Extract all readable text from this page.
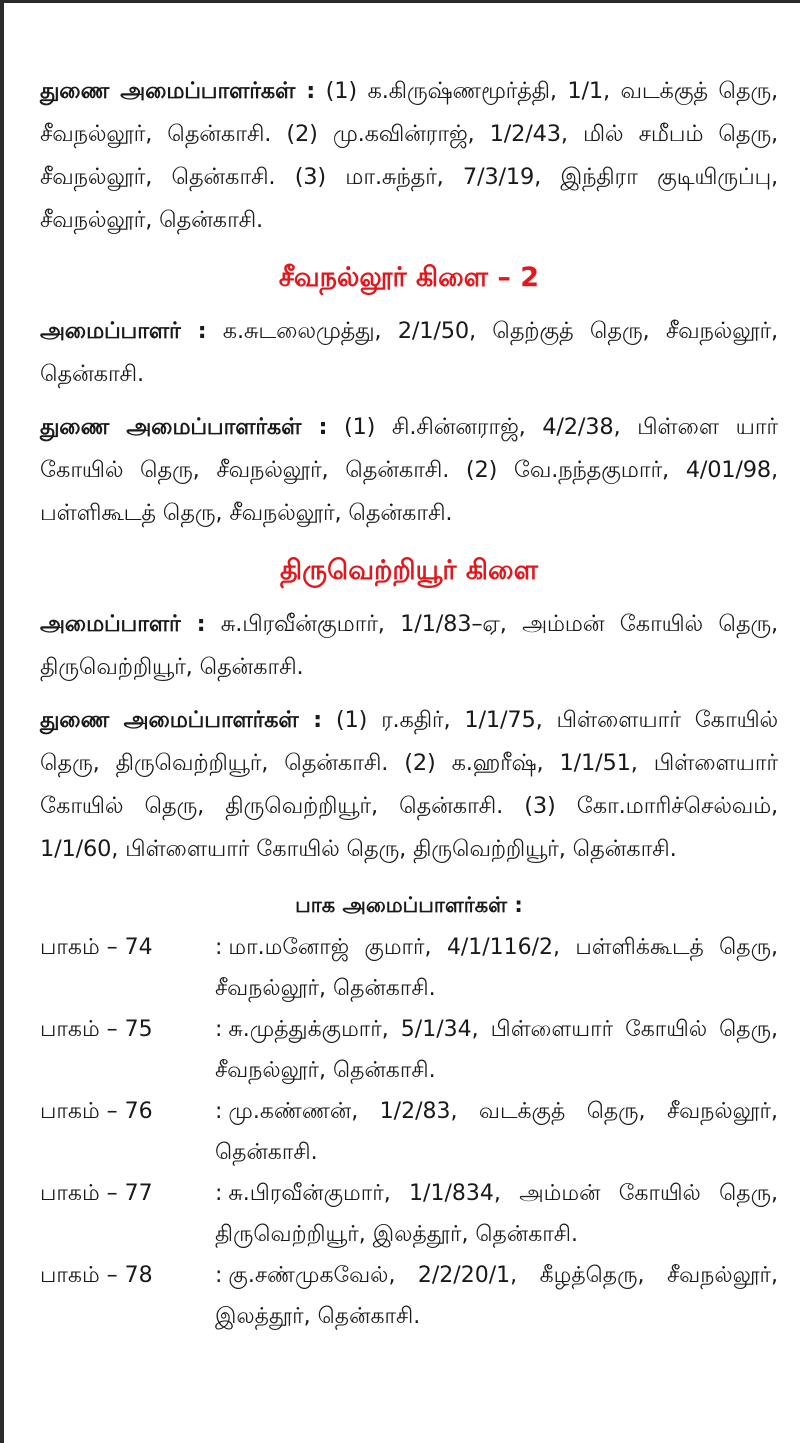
துணை அமைப்பாளர்கள் : (1) க.கிருஷ்ணமூர்த்தி, 1/1, வடக்குத் தெரு, சீவநல்லூர், தென்காசி. (2) மு.கவின்ராஜ், 1/2/43, மில் சமீபம் தெரு, சீவநல்லூர், தென்காசி. (3) மா.சுந்தர், 7/3/19, இந்திரா குடியிருப்பு, சீவநல்லூர், தென்காசி.

சீவநல்லூர் கிளை – 2

அமைப்பாளர் : க.சுடலைமுத்து, 2/1/50, தெற்குத் தெரு, சீவநல்லூர், தென்காசி.

துணை அமைப்பாளர்கள் : (1) சி.சின்னராஜ், 4/2/38, பிள்ளை யார் கோயில் தெரு, சீவநல்லூர், தென்காசி. (2) வே.நந்தகுமார், 4/01/98, பள்ளிகூடத் தெரு, சீவநல்லூர், தென்காசி.

திருவெற்றியூர் கிளை

அமைப்பாளர் : சு.பிரவீன்குமார், 1/1/83–ஏ, அம்மன் கோயில் தெரு, திருவெற்றியூர், தென்காசி.

துணை அமைப்பாளர்கள் : (1) ர.கதிர், 1/1/75, பிள்ளையார் கோயில் தெரு, திருவெற்றியூர், தென்காசி. (2) க.ஹரீஷ், 1/1/51, பிள்ளையார் கோயில் தெரு, திருவெற்றியூர், தென்காசி. (3) கோ.மாரிச்செல்வம், 1/1/60, பிள்ளையார் கோயில் தெரு, திருவெற்றியூர், தென்காசி.

பாக அமைப்பாளர்கள் :
பாகம் – 74	: மா.மனோஜ் குமார், 4/1/116/2, பள்ளிக்கூடத் தெரு, சீவநல்லூர், தென்காசி.
பாகம் – 75	: சு.முத்துக்குமார், 5/1/34, பிள்ளையார் கோயில் தெரு, சீவநல்லூர், தென்காசி.
பாகம் – 76	: மு.கண்ணன், 1/2/83, வடக்குத் தெரு, சீவநல்லூர், தென்காசி.
பாகம் – 77	: சு.பிரவீன்குமார், 1/1/834, அம்மன் கோயில் தெரு, திருவெற்றியூர், இலத்தூர், தென்காசி.
பாகம் – 78	: கு.சண்முகவேல், 2/2/20/1, கீழத்தெரு, சீவநல்லூர், இலத்தூர், தென்காசி.
